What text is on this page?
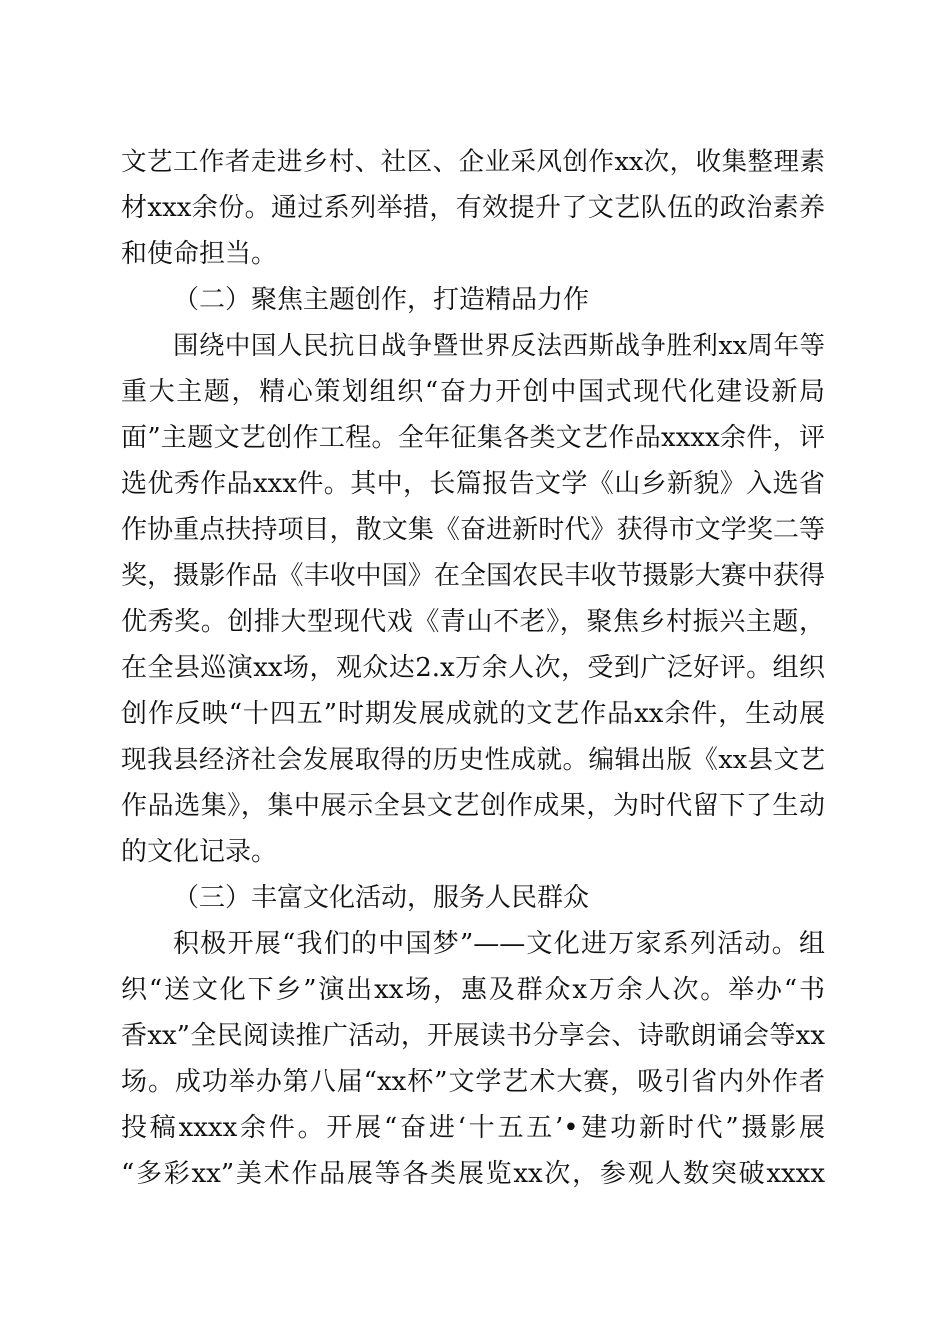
文艺工作者走进乡村、社区、企业采风创作xx次，收集整理素
材xxx余份。通过系列举措，有效提升了文艺队伍的政治素养
和使命担当。
（二）聚焦主题创作，打造精品力作
围绕中国人民抗日战争暨世界反法西斯战争胜利xx周年等
重大主题，精心策划组织“奋力开创中国式现代化建设新局
面”主题文艺创作工程。全年征集各类文艺作品xxxx余件，评
选优秀作品xxx件。其中，长篇报告文学《山乡新貌》入选省
作协重点扶持项目，散文集《奋进新时代》获得市文学奖二等
奖，摄影作品《丰收中国》在全国农民丰收节摄影大赛中获得
优秀奖。创排大型现代戏《青山不老》，聚焦乡村振兴主题，
在全县巡演xx场，观众达2.x万余人次，受到广泛好评。组织
创作反映“十四五”时期发展成就的文艺作品xx余件，生动展
现我县经济社会发展取得的历史性成就。编辑出版《xx县文艺
作品选集》，集中展示全县文艺创作成果，为时代留下了生动
的文化记录。
（三）丰富文化活动，服务人民群众
积极开展“我们的中国梦”——文化进万家系列活动。组
织“送文化下乡”演出xx场，惠及群众x万余人次。举办“书
香xx”全民阅读推广活动，开展读书分享会、诗歌朗诵会等xx
场。成功举办第八届“xx杯”文学艺术大赛，吸引省内外作者
投稿xxxx余件。开展“奋进‘十五五’•建功新时代”摄影展
“多彩xx”美术作品展等各类展览xx次，参观人数突破xxxx
